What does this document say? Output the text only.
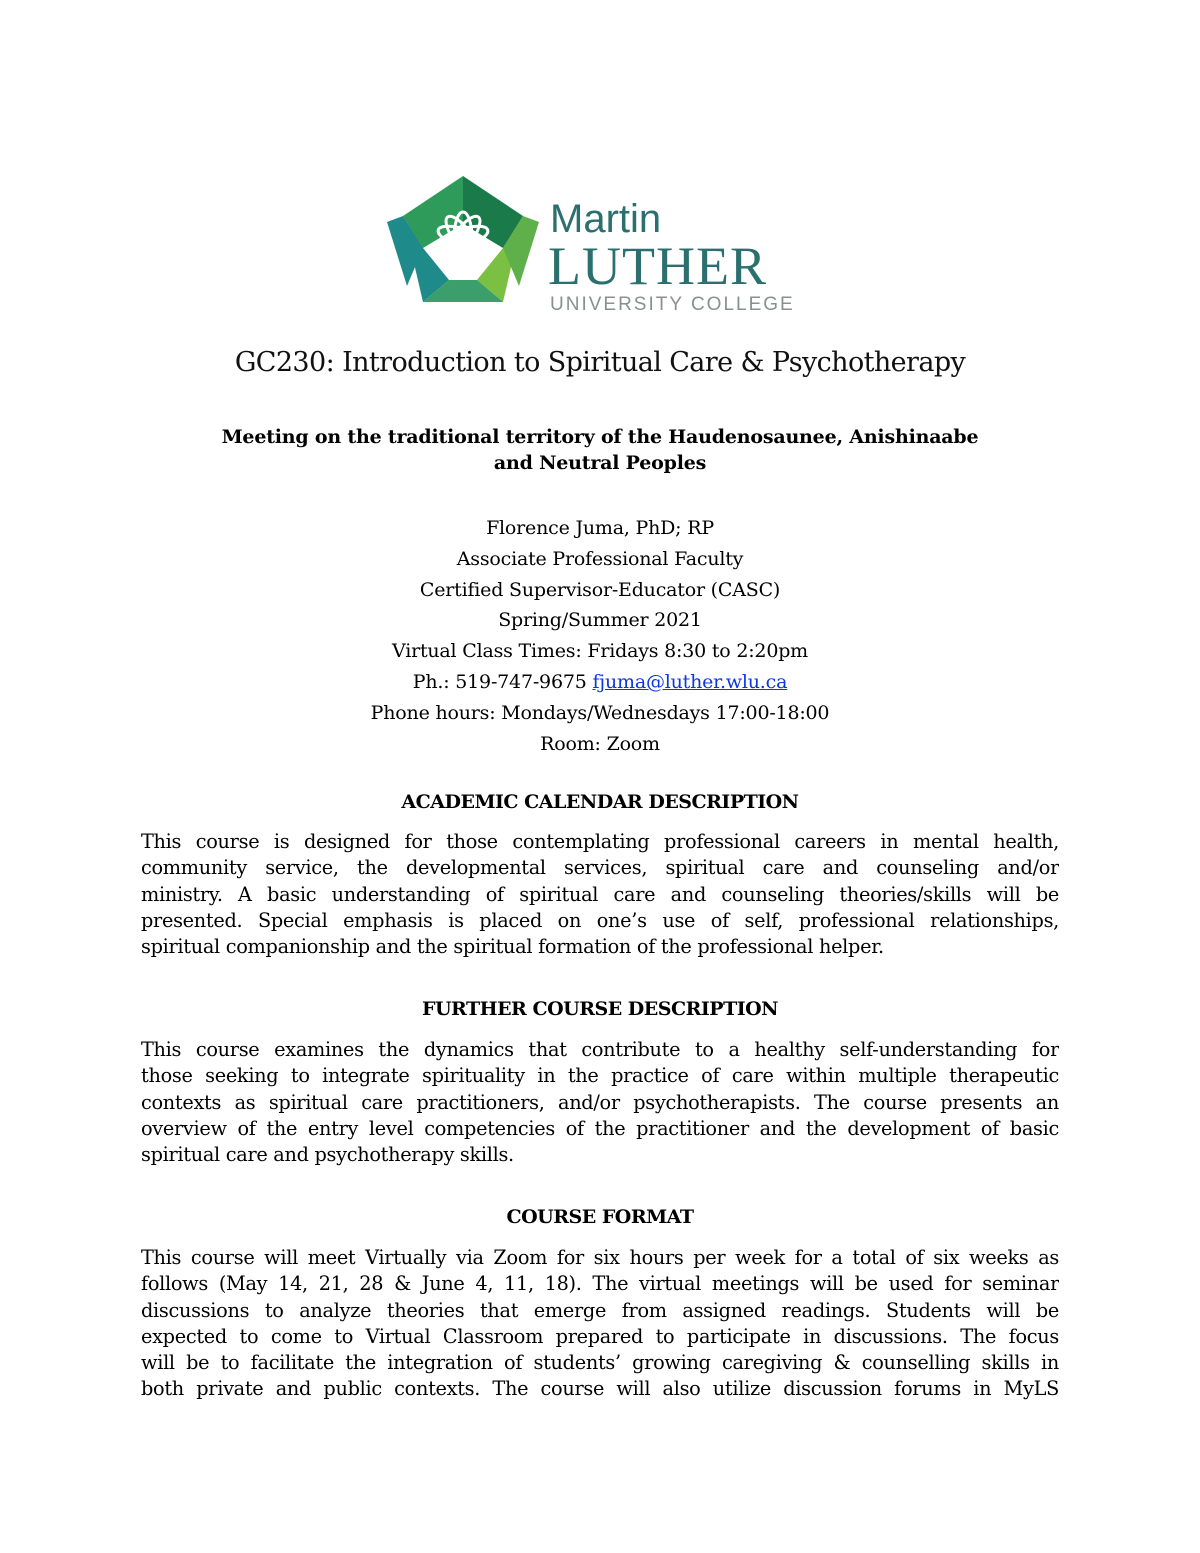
Martin
LUTHER
UNIVERSITY COLLEGE
GC230: Introduction to Spiritual Care & Psychotherapy
Meeting on the traditional territory of the Haudenosaunee, Anishinaabe
and Neutral Peoples
Florence Juma, PhD; RP
Associate Professional Faculty
Certified Supervisor-Educator (CASC)
Spring/Summer 2021
Virtual Class Times: Fridays 8:30 to 2:20pm
Ph.: 519-747-9675 fjuma@luther.wlu.ca
Phone hours: Mondays/Wednesdays 17:00-18:00
Room: Zoom
ACADEMIC CALENDAR DESCRIPTION
This course is designed for those contemplating professional careers in mental health,
community service, the developmental services, spiritual care and counseling and/or
ministry. A basic understanding of spiritual care and counseling theories/skills will be
presented. Special emphasis is placed on one’s use of self, professional relationships,
spiritual companionship and the spiritual formation of the professional helper.
FURTHER COURSE DESCRIPTION
This course examines the dynamics that contribute to a healthy self-understanding for
those seeking to integrate spirituality in the practice of care within multiple therapeutic
contexts as spiritual care practitioners, and/or psychotherapists. The course presents an
overview of the entry level competencies of the practitioner and the development of basic
spiritual care and psychotherapy skills.
COURSE FORMAT
This course will meet Virtually via Zoom for six hours per week for a total of six weeks as
follows (May 14, 21, 28 & June 4, 11, 18). The virtual meetings will be used for seminar
discussions to analyze theories that emerge from assigned readings. Students will be
expected to come to Virtual Classroom prepared to participate in discussions. The focus
will be to facilitate the integration of students’ growing caregiving & counselling skills in
both private and public contexts. The course will also utilize discussion forums in MyLS
